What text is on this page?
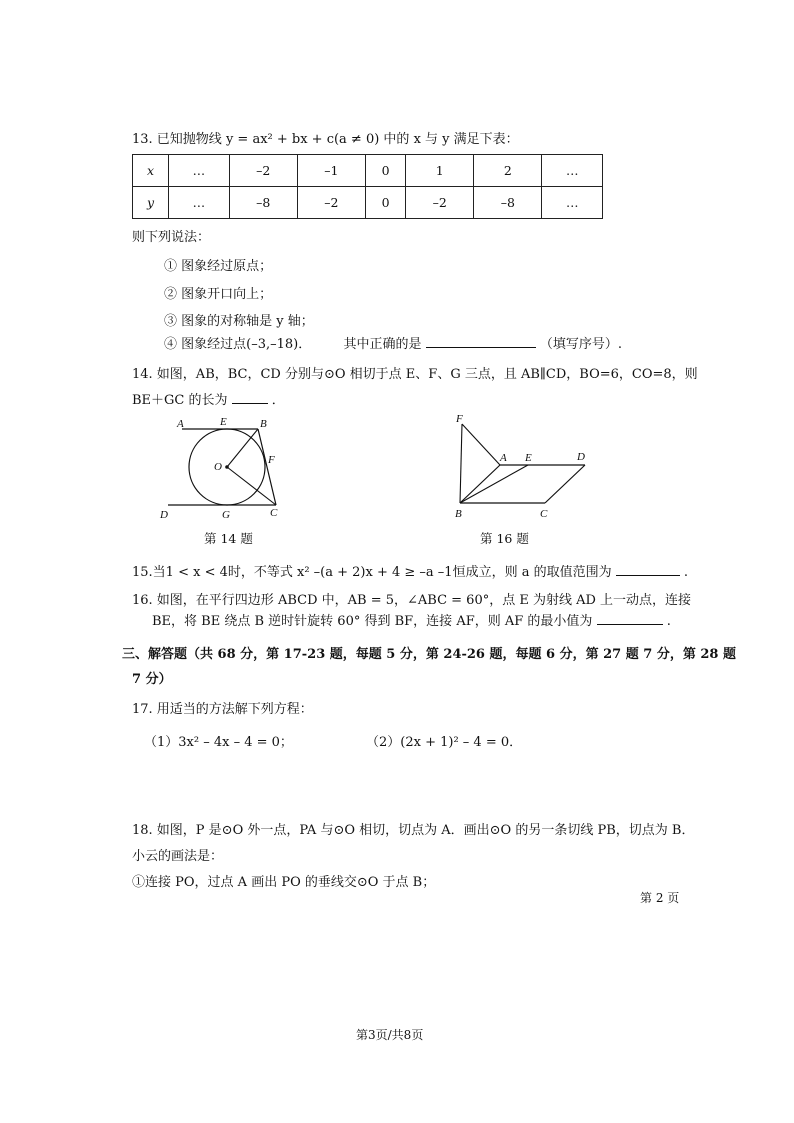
13. 已知抛物线 y = ax² + bx + c(a ≠ 0) 中的 x 与 y 满足下表：
x	…	–2	–1	0	1	2	…
y	…	–8	–2	0	–2	–8	…
则下列说法：
① 图象经过原点；
② 图象开口向上；
③ 图象的对称轴是 y 轴；
④ 图象经过点(–3,–18)． 其中正确的是	（填写序号）.
14. 如图，AB，BC，CD 分别与⊙O 相切于点 E、F、G 三点，且 AB∥CD，BO=6，CO=8，则
BE＋GC 的长为	．
A	E	B
F
O
D	G	C
第 14 题
F
A E	D
B	C
第 16 题
15.当1 < x < 4时，不等式 x² –(a + 2)x + 4 ≥ –a –1恒成立，则 a 的取值范围为	.
16. 如图，在平行四边形 ABCD 中，AB = 5，∠ABC = 60°，点 E 为射线 AD 上一动点，连接
BE，将 BE 绕点 B 逆时针旋转 60° 得到 BF，连接 AF，则 AF 的最小值为	.
三、解答题（共 68 分，第 17-23 题，每题 5 分，第 24-26 题，每题 6 分，第 27 题 7 分，第 28 题
7 分）
17. 用适当的方法解下列方程：
（1）3x² – 4x – 4 = 0；	（2）(2x + 1)² – 4 = 0．
18. 如图，P 是⊙O 外一点，PA 与⊙O 相切，切点为 A．画出⊙O 的另一条切线 PB，切点为 B．
小云的画法是：
①连接 PO，过点 A 画出 PO 的垂线交⊙O 于点 B；
第 2 页
第3页/共8页
